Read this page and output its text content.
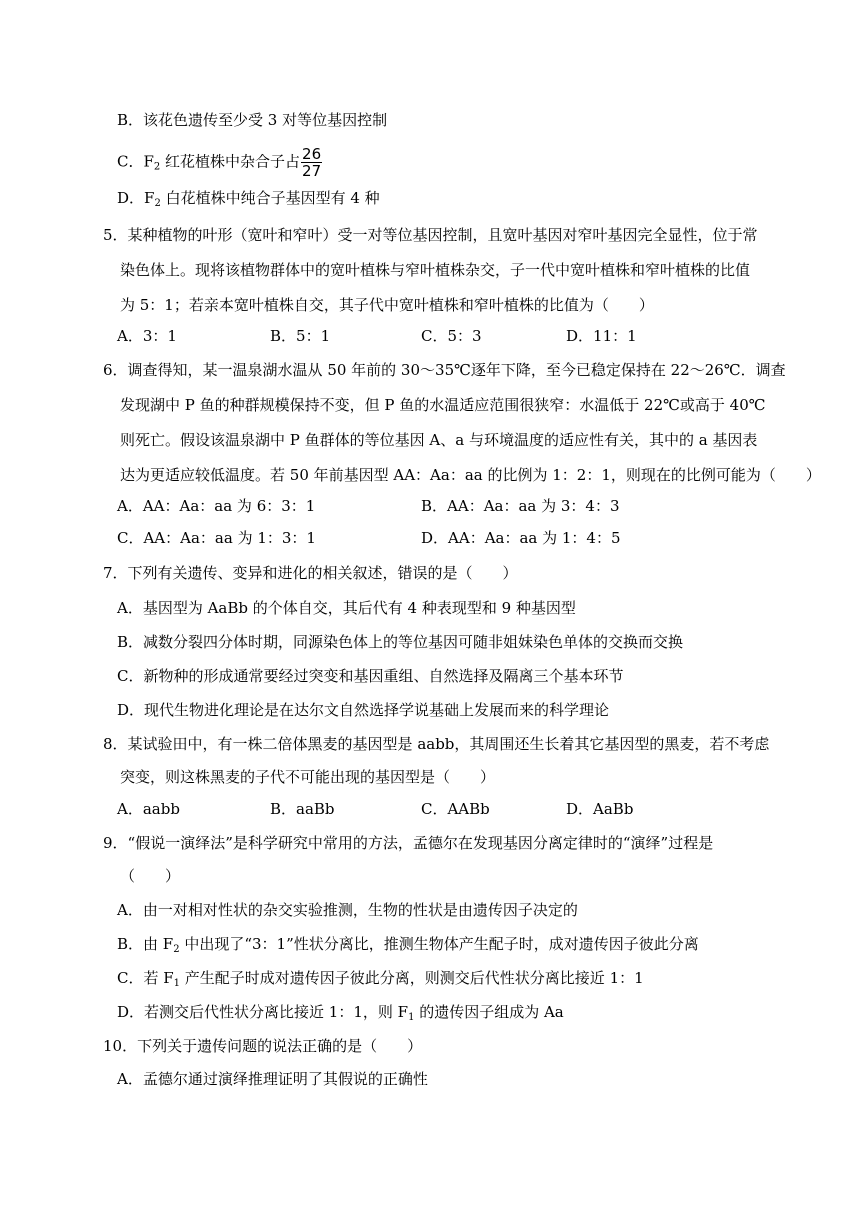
B．该花色遗传至少受 3 对等位基因控制
C．$F_2$ 红花植株中杂合子占 $\frac{26}{27}$
D．$F_2$ 白花植株中纯合子基因型有 4 种
5．某种植物的叶形（宽叶和窄叶）受一对等位基因控制，且宽叶基因对窄叶基因完全显性，位于常
染色体上。现将该植物群体中的宽叶植株与窄叶植株杂交，子一代中宽叶植株和窄叶植株的比值
为 5：1；若亲本宽叶植株自交，其子代中宽叶植株和窄叶植株的比值为（　　）
A．3：1	B．5：1	C．5：3	D．11：1
6．调查得知，某一温泉湖水温从 50 年前的 30～35℃逐年下降，至今已稳定保持在 22～26℃．调查
发现湖中 P 鱼的种群规模保持不变，但 P 鱼的水温适应范围很狭窄：水温低于 22℃或高于 40℃
则死亡。假设该温泉湖中 P 鱼群体的等位基因 A、a 与环境温度的适应性有关，其中的 a 基因表
达为更适应较低温度。若 50 年前基因型 AA：Aa：aa 的比例为 1：2：1，则现在的比例可能为（　　）
A．AA：Aa：aa 为 6：3：1	B．AA：Aa：aa 为 3：4：3
C．AA：Aa：aa 为 1：3：1	D．AA：Aa：aa 为 1：4：5
7．下列有关遗传、变异和进化的相关叙述，错误的是（　　）
A．基因型为 AaBb 的个体自交，其后代有 4 种表现型和 9 种基因型
B．减数分裂四分体时期，同源染色体上的等位基因可随非姐妹染色单体的交换而交换
C．新物种的形成通常要经过突变和基因重组、自然选择及隔离三个基本环节
D．现代生物进化理论是在达尔文自然选择学说基础上发展而来的科学理论
8．某试验田中，有一株二倍体黑麦的基因型是 aabb，其周围还生长着其它基因型的黑麦，若不考虑
突变，则这株黑麦的子代不可能出现的基因型是（　　）
A．aabb	B．aaBb	C．AABb	D．AaBb
9．“假说一演绎法”是科学研究中常用的方法，孟德尔在发现基因分离定律时的“演绎”过程是
（　　）
A．由一对相对性状的杂交实验推测，生物的性状是由遗传因子决定的
B．由 $F_2$ 中出现了“3：1”性状分离比，推测生物体产生配子时，成对遗传因子彼此分离
C．若 $F_1$ 产生配子时成对遗传因子彼此分离，则测交后代性状分离比接近 1：1
D．若测交后代性状分离比接近 1：1，则 $F_1$ 的遗传因子组成为 Aa
10．下列关于遗传问题的说法正确的是（　　）
A．孟德尔通过演绎推理证明了其假说的正确性
